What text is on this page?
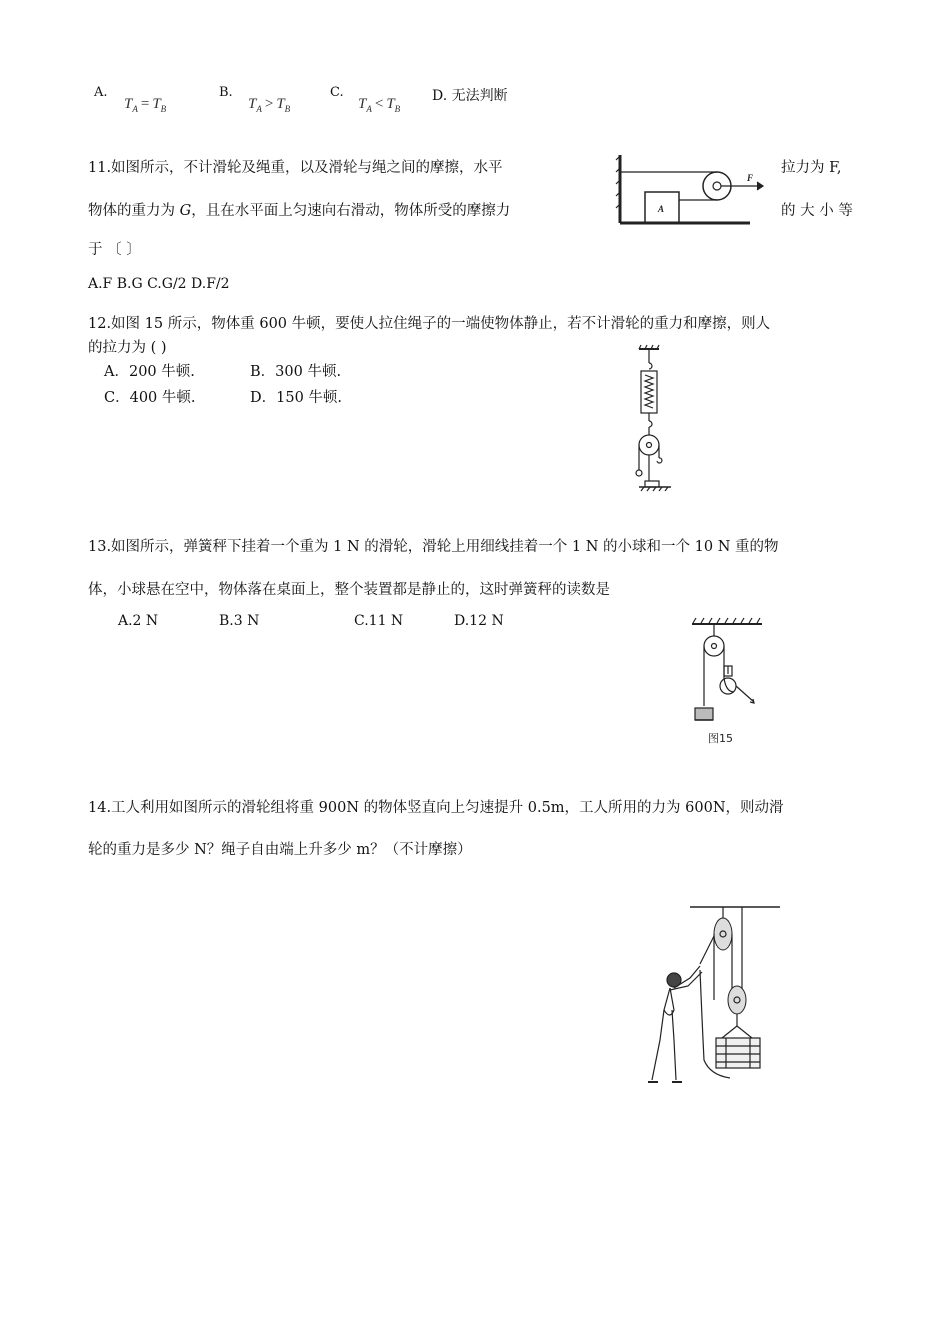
A.
$T_A = T_B$
B.
$T_A > T_B$
C.
$T_A < T_B$
D. 无法判断
11.如图所示，不计滑轮及绳重，以及滑轮与绳之间的摩擦，水平	拉力为 F,
物体的重力为 G，且在水平面上匀速向右滑动，物体所受的摩擦力	的 大 小 等
于 〔 〕
A.F B.G C.G/2 D.F/2
A
F
12.如图 15 所示，物体重 600 牛顿，要使人拉住绳子的一端使物体静止，若不计滑轮的重力和摩擦，则人
的拉力为 ( )
A．200 牛顿.	B．300 牛顿.
C．400 牛顿.	D．150 牛顿.
13.如图所示，弹簧秤下挂着一个重为 1 N 的滑轮，滑轮上用细线挂着一个 1 N 的小球和一个 10 N 重的物
体，小球悬在空中，物体落在桌面上，整个装置都是静止的，这时弹簧秤的读数是
A.2 N	B.3 N	C.11 N	D.12 N
图15
14.工人利用如图所示的滑轮组将重 900N 的物体竖直向上匀速提升 0.5m，工人所用的力为 600N，则动滑
轮的重力是多少 N？绳子自由端上升多少 m？（不计摩擦）
